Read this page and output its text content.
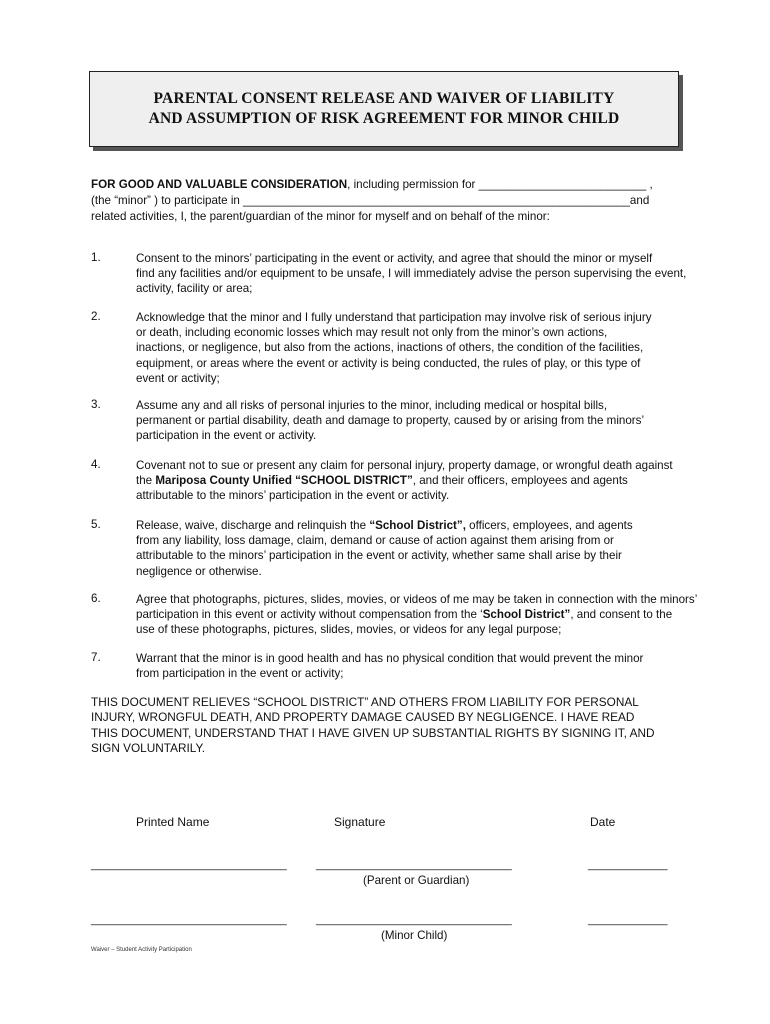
PARENTAL CONSENT RELEASE AND WAIVER OF LIABILITY
AND ASSUMPTION OF RISK AGREEMENT FOR MINOR CHILD
FOR GOOD AND VALUABLE CONSIDERATION, including permission for __________________________ ,
(the “minor” ) to participate in ____________________________________________________________and
related activities, I, the parent/guardian of the minor for myself and on behalf of the minor:
1.	Consent to the minors’ participating in the event or activity, and agree that should the minor or myself
find any facilities and/or equipment to be unsafe, I will immediately advise the person supervising the event,
activity, facility or area;
2.	Acknowledge that the minor and I fully understand that participation may involve risk of serious injury
or death, including economic losses which may result not only from the minor’s own actions,
inactions, or negligence, but also from the actions, inactions of others, the condition of the facilities,
equipment, or areas where the event or activity is being conducted, the rules of play, or this type of
event or activity;
3.	Assume any and all risks of personal injuries to the minor, including medical or hospital bills,
permanent or partial disability, death and damage to property, caused by or arising from the minors’
participation in the event or activity.
4.	Covenant not to sue or present any claim for personal injury, property damage, or wrongful death against
the Mariposa County Unified “SCHOOL DISTRICT”, and their officers, employees and agents
attributable to the minors’ participation in the event or activity.
5.	Release, waive, discharge and relinquish the “School District”, officers, employees, and agents
from any liability, loss damage, claim, demand or cause of action against them arising from or
attributable to the minors’ participation in the event or activity, whether same shall arise by their
negligence or otherwise.
6.	Agree that photographs, pictures, slides, movies, or videos of me may be taken in connection with the minors’
participation in this event or activity without compensation from the ‘School District”, and consent to the
use of these photographs, pictures, slides, movies, or videos for any legal purpose;
7.	Warrant that the minor is in good health and has no physical condition that would prevent the minor
from participation in the event or activity;
THIS DOCUMENT RELIEVES “SCHOOL DISTRICT” AND OTHERS FROM LIABILITY FOR PERSONAL
INJURY, WRONGFUL DEATH, AND PROPERTY DAMAGE CAUSED BY NEGLIGENCE. I HAVE READ
THIS DOCUMENT, UNDERSTAND THAT I HAVE GIVEN UP SUBSTANTIAL RIGHTS BY SIGNING IT, AND
SIGN VOLUNTARILY.
Printed Name	Signature	Date
________________________________	________________________________	_____________
(Parent or Guardian)
________________________________	________________________________	_____________
(Minor Child)
Waiver – Student Activity Participation
